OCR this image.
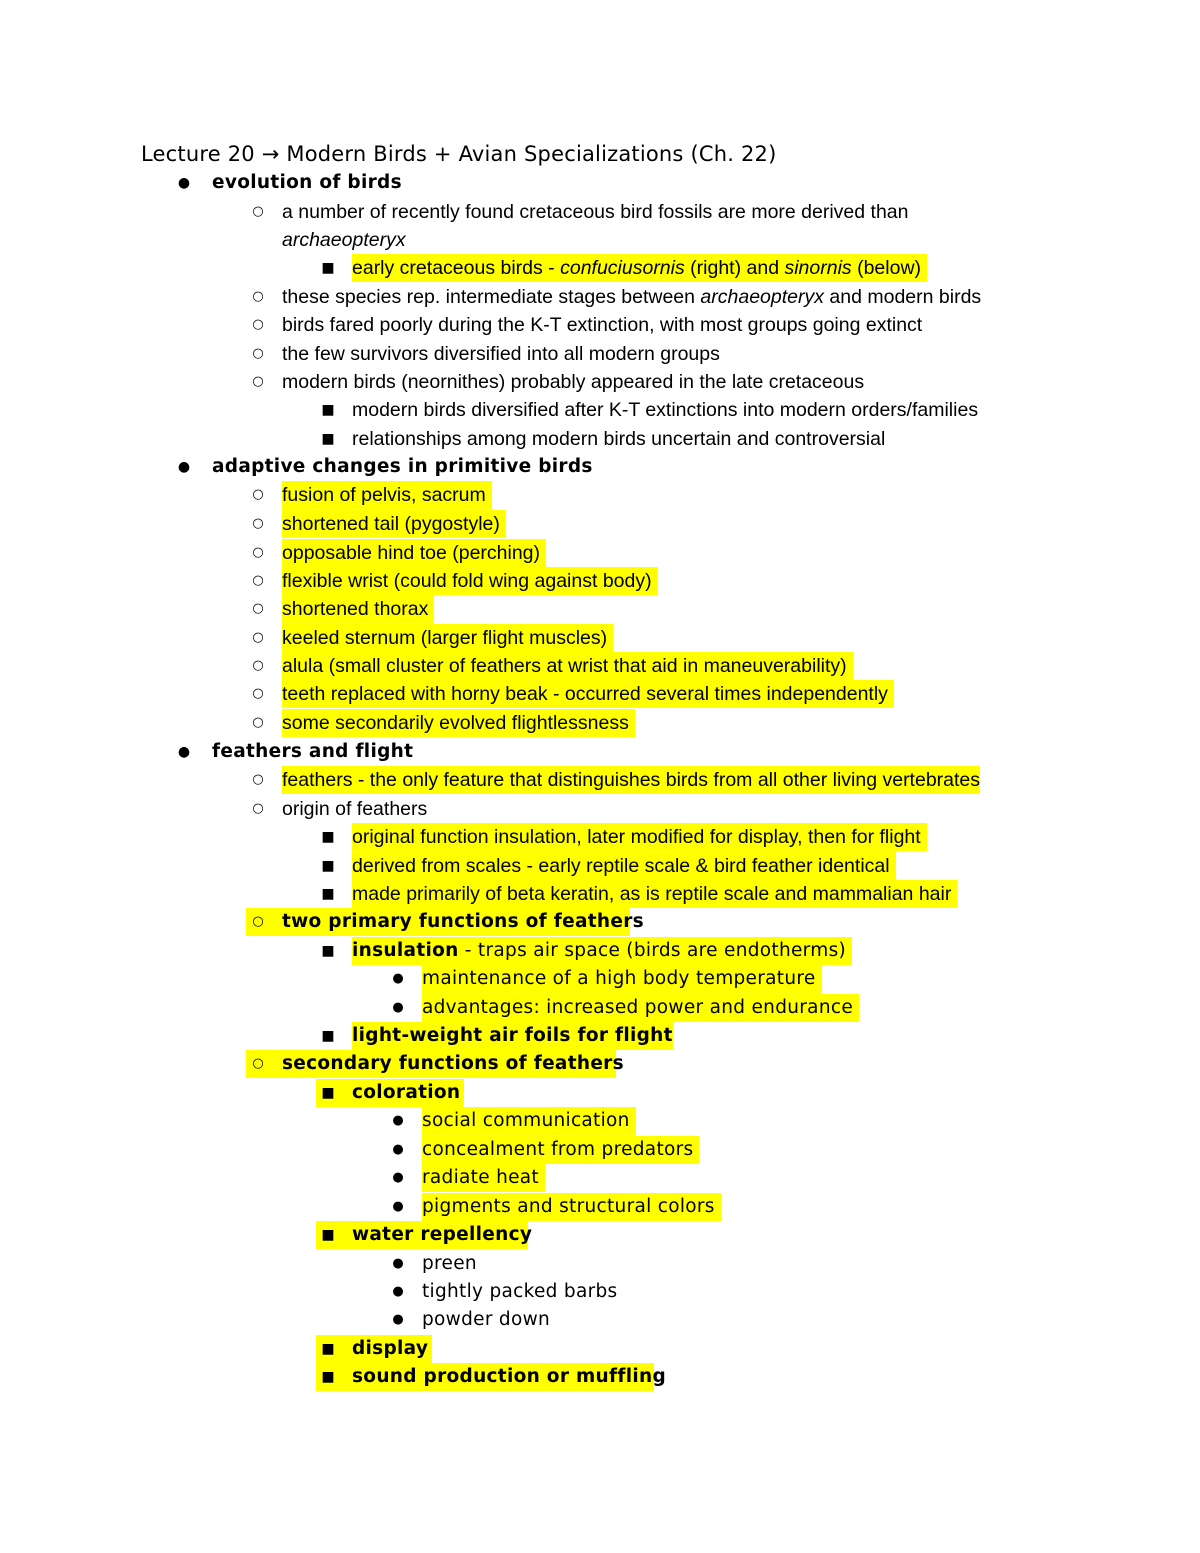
Lecture 20 → Modern Birds + Avian Specializations (Ch. 22)
●	evolution of birds
○ a number of recently found cretaceous bird fossils are more derived than
archaeopteryx
■ early cretaceous birds - confuciusornis (right) and sinornis (below)
○ these species rep. intermediate stages between archaeopteryx and modern birds
○ birds fared poorly during the K-T extinction, with most groups going extinct
○ the few survivors diversified into all modern groups
○ modern birds (neornithes) probably appeared in the late cretaceous
■ modern birds diversified after K-T extinctions into modern orders/families
■ relationships among modern birds uncertain and controversial
●	adaptive changes in primitive birds
○ fusion of pelvis, sacrum
○ shortened tail (pygostyle)
○ opposable hind toe (perching)
○ flexible wrist (could fold wing against body)
○ shortened thorax
○ keeled sternum (larger flight muscles)
○ alula (small cluster of feathers at wrist that aid in maneuverability)
○ teeth replaced with horny beak - occurred several times independently
○ some secondarily evolved flightlessness
●	feathers and flight
○ feathers - the only feature that distinguishes birds from all other living vertebrates
○ origin of feathers
■ original function insulation, later modified for display, then for flight
■ derived from scales - early reptile scale & bird feather identical
■ made primarily of beta keratin, as is reptile scale and mammalian hair
○ two primary functions of feathers
■ insulation - traps air space (birds are endotherms)
● maintenance of a high body temperature
● advantages: increased power and endurance
■ light-weight air foils for flight
○ secondary functions of feathers
■ coloration
● social communication
● concealment from predators
● radiate heat
● pigments and structural colors
■ water repellency
● preen
● tightly packed barbs
● powder down
■ display
■ sound production or muffling
